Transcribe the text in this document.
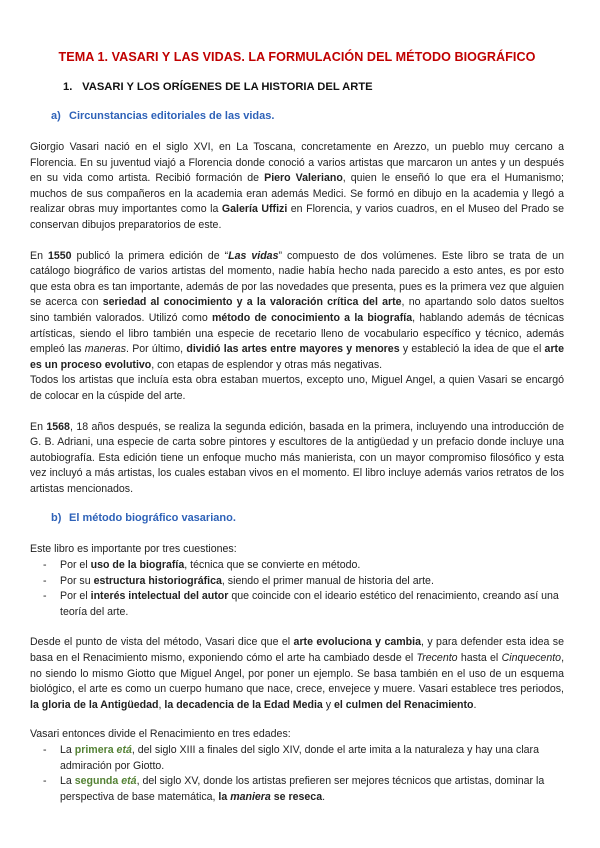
TEMA 1. VASARI Y LAS VIDAS. LA FORMULACIÓN DEL MÉTODO BIOGRÁFICO
1. VASARI Y LOS ORÍGENES DE LA HISTORIA DEL ARTE
a) Circunstancias editoriales de las vidas.

Giorgio Vasari nació en el siglo XVI, en La Toscana, concretamente en Arezzo, un pueblo muy cercano a Florencia. En su juventud viajó a Florencia donde conoció a varios artistas que marcaron un antes y un después en su vida como artista. Recibió formación de Piero Valeriano, quien le enseñó lo que era el Humanismo; muchos de sus compañeros en la academia eran además Medici. Se formó en dibujo en la academia y llegó a realizar obras muy importantes como la Galería Uffizi en Florencia, y varios cuadros, en el Museo del Prado se conservan dibujos preparatorios de este.

En 1550 publicó la primera edición de “Las vidas” compuesto de dos volúmenes. Este libro se trata de un catálogo biográfico de varios artistas del momento, nadie había hecho nada parecido a esto antes, es por esto que esta obra es tan importante, además de por las novedades que presenta, pues es la primera vez que alguien se acerca con seriedad al conocimiento y a la valoración crítica del arte, no apartando solo datos sueltos sino también valorados. Utilizó como método de conocimiento a la biografía, hablando además de técnicas artísticas, siendo el libro también una especie de recetario lleno de vocabulario específico y técnico, además empleó las maneras. Por último, dividió las artes entre mayores y menores y estableció la idea de que el arte es un proceso evolutivo, con etapas de esplendor y otras más negativas.

Todos los artistas que incluía esta obra estaban muertos, excepto uno, Miguel Angel, a quien Vasari se encargó de colocar en la cúspide del arte.

En 1568, 18 años después, se realiza la segunda edición, basada en la primera, incluyendo una introducción de G. B. Adriani, una especie de carta sobre pintores y escultores de la antigüedad y un prefacio donde incluye una autobiografía. Esta edición tiene un enfoque mucho más manierista, con un mayor compromiso filosófico y esta vez incluyó a más artistas, los cuales estaban vivos en el momento. El libro incluye además varios retratos de los artistas mencionados.

b) El método biográfico vasariano.

Este libro es importante por tres cuestiones:

- Por el uso de la biografía, técnica que se convierte en método.
- Por su estructura historiográfica, siendo el primer manual de historia del arte.
- Por el interés intelectual del autor que coincide con el ideario estético del renacimiento, creando así una teoría del arte.

Desde el punto de vista del método, Vasari dice que el arte evoluciona y cambia, y para defender esta idea se basa en el Renacimiento mismo, exponiendo cómo el arte ha cambiado desde el Trecento hasta el Cinquecento, no siendo lo mismo Giotto que Miguel Angel, por poner un ejemplo. Se basa también en el uso de un esquema biológico, el arte es como un cuerpo humano que nace, crece, envejece y muere. Vasari establece tres periodos, la gloria de la Antigüedad, la decadencia de la Edad Media y el culmen del Renacimiento.

Vasari entonces divide el Renacimiento en tres edades:

- La primera etá, del siglo XIII a finales del siglo XIV, donde el arte imita a la naturaleza y hay una clara admiración por Giotto.
- La segunda etá, del siglo XV, donde los artistas prefieren ser mejores técnicos que artistas, dominar la perspectiva de base matemática, la maniera se reseca.
